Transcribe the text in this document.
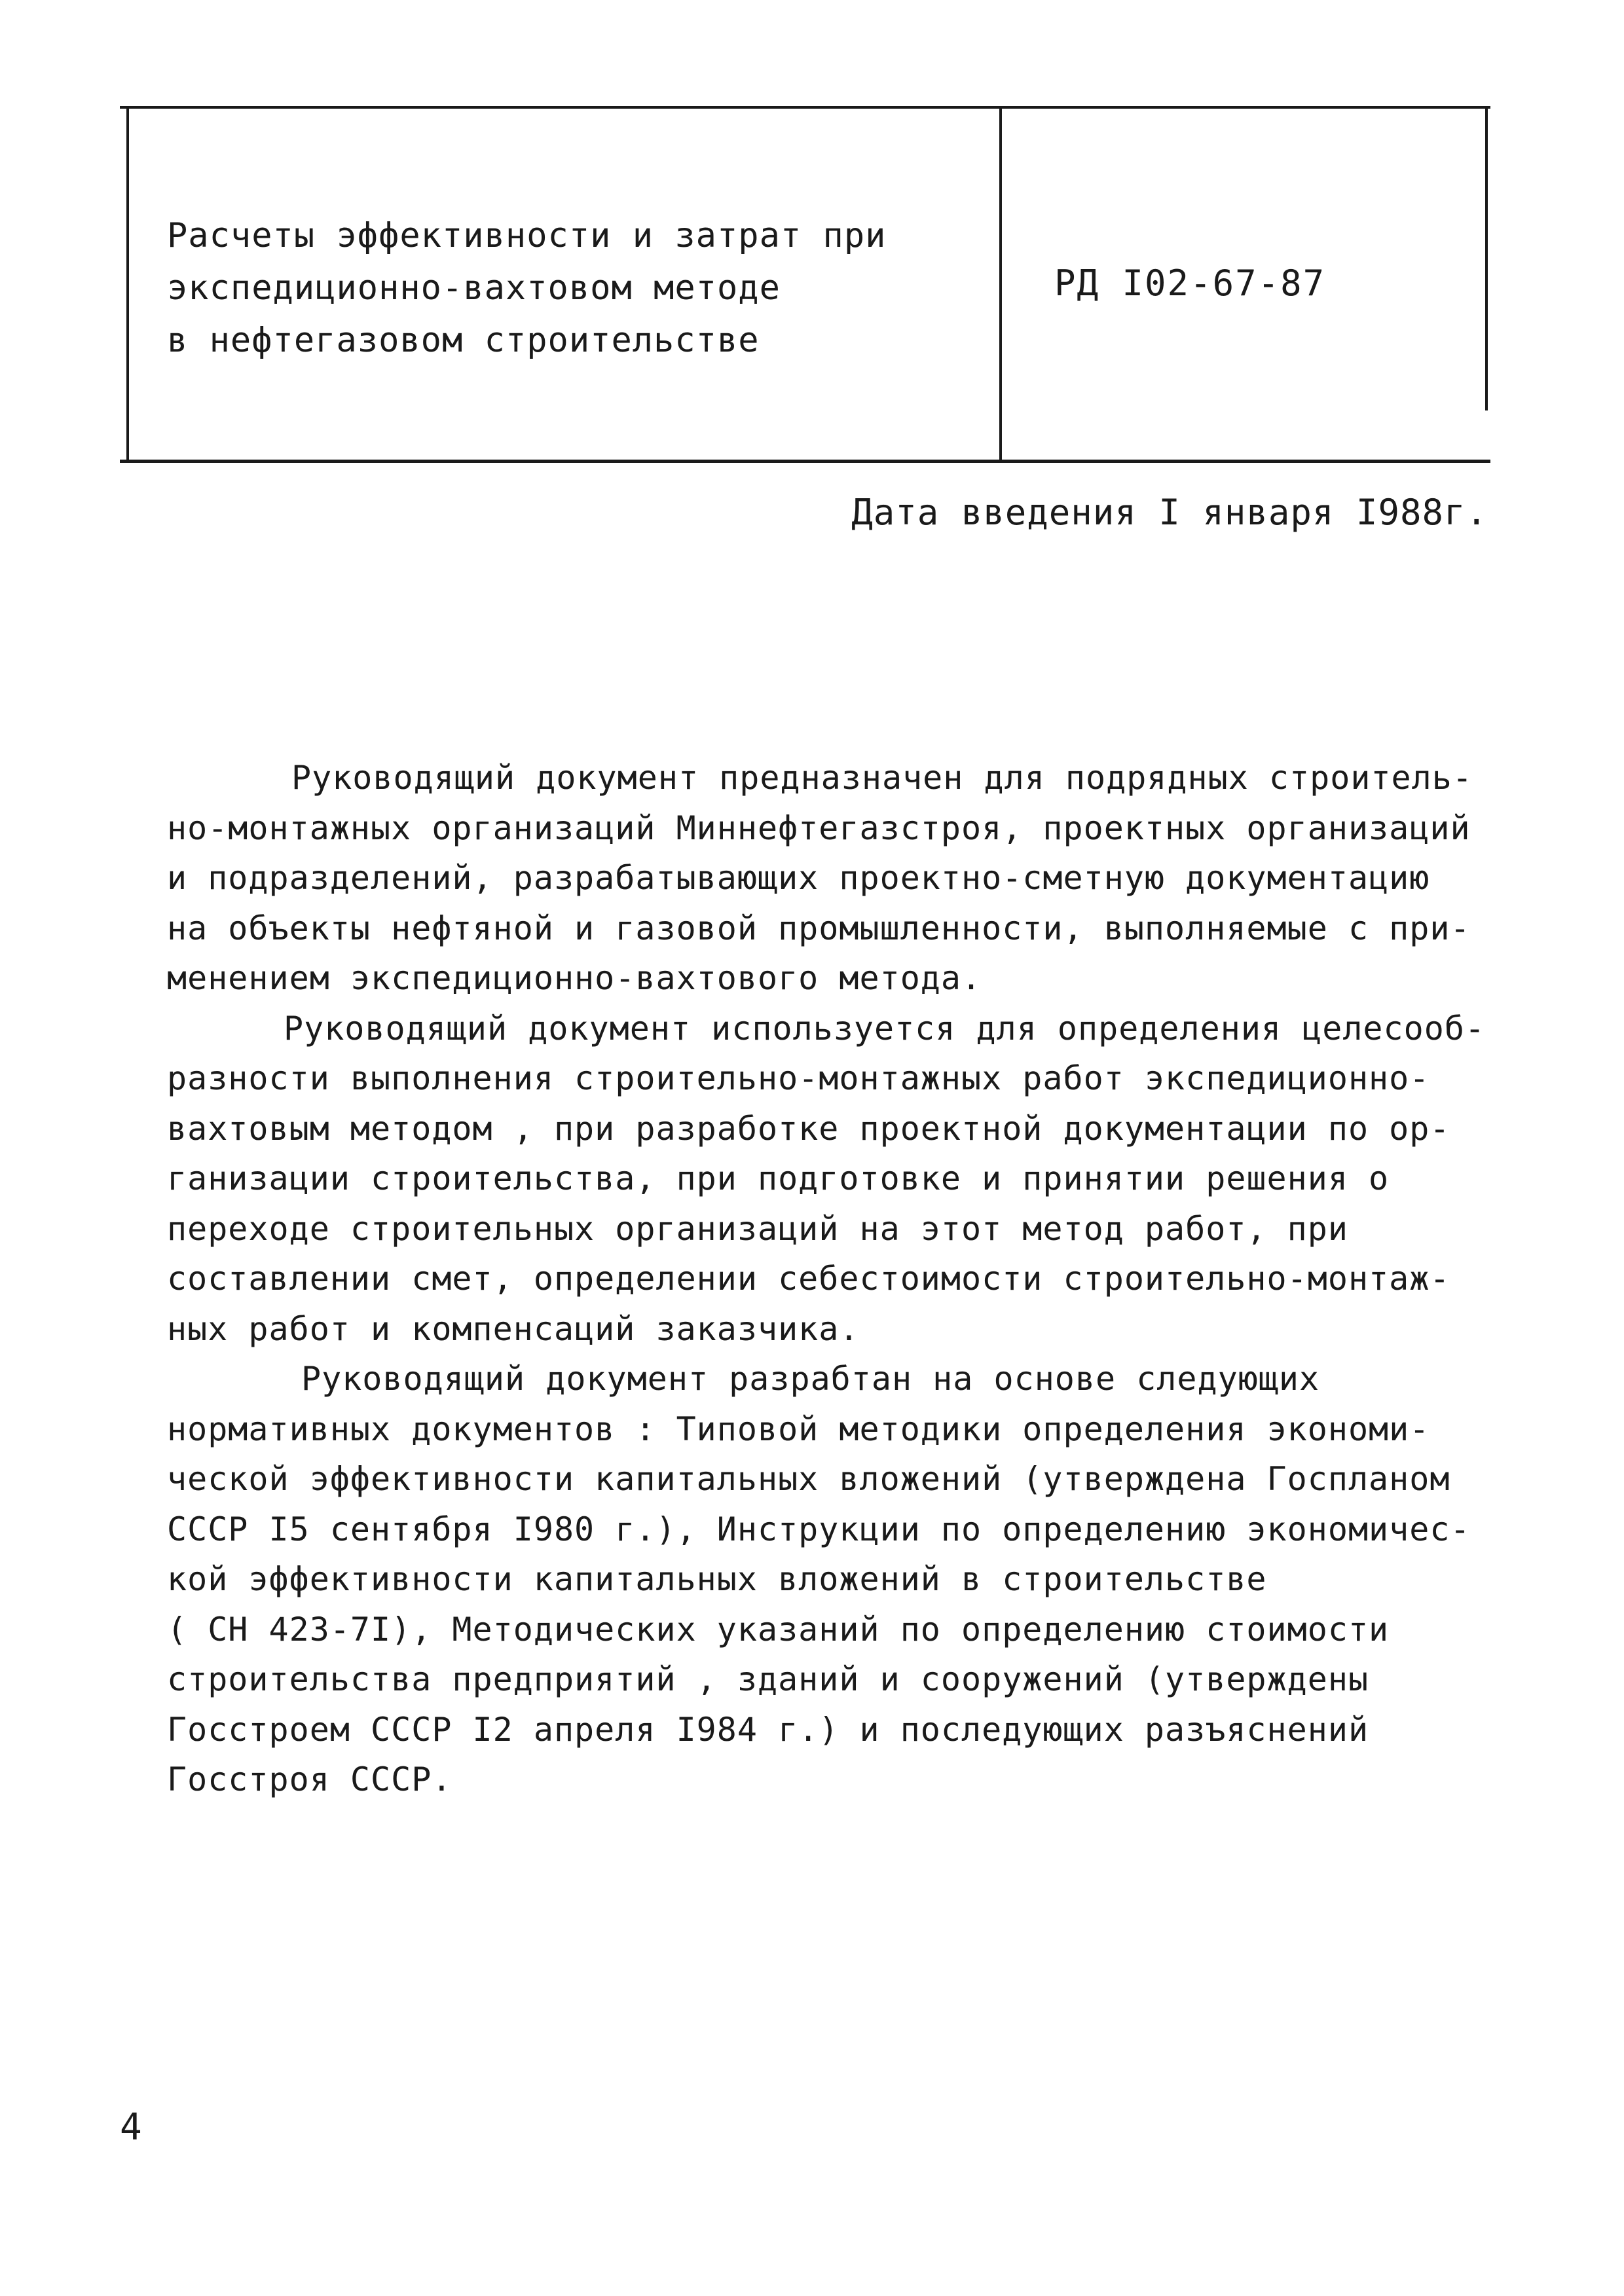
Расчеты эффективности и затрат при
экспедиционно-вахтовом методе
в нефтегазовом строительстве
РД I02-67-87
Дата введения I января I988г.
Руководящий документ предназначен для подрядных строитель-
но-монтажных организаций Миннефтегазстроя, проектных организаций
и подразделений, разрабатывающих проектно-сметную документацию
на объекты нефтяной и газовой промышленности, выполняемые с при-
менением экспедиционно-вахтового метода.
Руководящий документ используется для определения целесооб-
разности выполнения строительно-монтажных работ экспедиционно-
вахтовым методом , при разработке проектной документации по ор-
ганизации строительства, при подготовке и принятии решения о
переходе строительных организаций на этот метод работ, при
составлении смет, определении себестоимости строительно-монтаж-
ных работ и компенсаций заказчика.
Руководящий документ разрабтан на основе следующих
нормативных документов : Типовой методики определения экономи-
ческой эффективности капитальных вложений (утверждена Госпланом
СССР I5 сентября I980 г.), Инструкции по определению экономичес-
кой эффективности капитальных вложений в строительстве
( СН 423-7I), Методических указаний по определению стоимости
строительства предприятий , зданий и сооружений (утверждены
Госстроем СССР I2 апреля I984 г.) и последующих разъяснений
Госстроя СССР.
4
